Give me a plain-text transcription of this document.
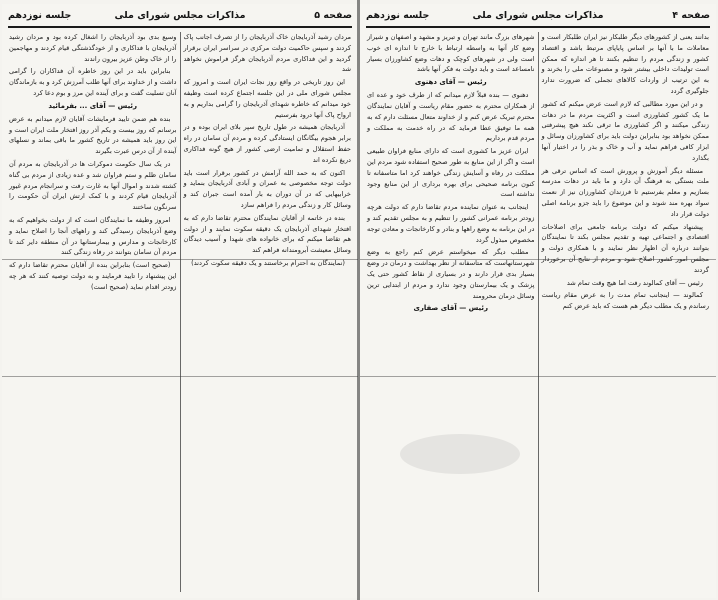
صفحه ۵
مذاکرات مجلس شورای ملی
جلسه نوزدهم

مردان رشید آذربایجان خاک آذربایجان را از تصرف اجانب پاک کردند و سپس حاکمیت دولت مرکزی در سراسر ایران برقرار گردید و این فداکاری مردم آذربایجان هرگز فراموش نخواهد شد

این روز تاریخی در واقع روز نجات ایران است و امروز که مجلس شورای ملی در این جلسه اجتماع کرده است وظیفه خود میدانم که خاطره شهدای آذربایجان را گرامی بداریم و به ارواح پاک آنها درود بفرستیم

آذربایجان همیشه در طول تاریخ سپر بلای ایران بوده و در برابر هجوم بیگانگان ایستادگی کرده و مردم آن سامان در راه حفظ استقلال و تمامیت ارضی کشور از هیچ گونه فداکاری دریغ نکرده اند

اکنون که به حمد الله آرامش در کشور برقرار است باید دولت توجه مخصوصی به عمران و آبادی آذربایجان بنماید و خرابیهایی که در آن دوران به بار آمده است جبران کند و وسائل کار و زندگی مردم را فراهم سازد

بنده در خاتمه از آقایان نمایندگان محترم تقاضا دارم که به افتخار شهدای آذربایجان یک دقیقه سکوت نمایند و از دولت هم تقاضا میکنم که برای خانواده های شهدا و آسیب دیدگان وسائل معیشت آبرومندانه فراهم کند

(نمایندگان به احترام برخاستند و یک دقیقه سکوت کردند)

وسیع بدی بود آذربایجان را اشغال کرده بود و مردان رشید آذربایجان با فداکاری و از خودگذشتگی قیام کردند و مهاجمین را از خاک وطن عزیز بیرون راندند

بنابراین باید در این روز خاطره آن فداکاران را گرامی داشت و از خداوند برای آنها طلب آمرزش کرد و به بازماندگان آنان تسلیت گفت و برای آینده این مرز و بوم دعا کرد

رئیس — آقای ... بفرمائید

بنده هم ضمن تایید فرمایشات آقایان لازم میدانم به عرض برسانم که روز بیست و یکم آذر روز افتخار ملت ایران است و این روز باید همیشه در تاریخ کشور ما باقی بماند و نسلهای آینده از آن درس عبرت بگیرند

در یک سال حکومت دموکرات ها در آذربایجان به مردم آن سامان ظلم و ستم فراوان شد و عده زیادی از مردم بی گناه کشته شدند و اموال آنها به غارت رفت و سرانجام مردم غیور آذربایجان قیام کردند و با کمک ارتش ایران آن حکومت را سرنگون ساختند

امروز وظیفه ما نمایندگان است که از دولت بخواهیم که به وضع آذربایجان رسیدگی کند و راههای آنجا را اصلاح نماید و کارخانجات و مدارس و بیمارستانها در آن منطقه دایر کند تا مردم آن سامان بتوانند در رفاه زندگی کنند

(صحیح است) بنابراین بنده از آقایان محترم تقاضا دارم که این پیشنهاد را تایید فرمایند و به دولت توصیه کنند که هر چه زودتر اقدام نماید (صحیح است)

صفحه ۴
مذاکرات مجلس شورای ملی
جلسه نوزدهم

بدانند یعنی از کشورهای دیگر طلبکار نیز ایران طلبکار است و معاملات ما با آنها بر اساس پایاپای مرتبط باشد و اقتصاد کشور و زندگی مردم را تنظیم بکنند تا هر اندازه که ممکن است تولیدات داخلی بیشتر شود و مصنوعات ملی را بخرند و به این ترتیب از واردات کالاهای تجملی که ضرورت ندارد جلوگیری گردد

و در این مورد مطالبی که لازم است عرض میکنم که کشور ما یک کشور کشاورزی است و اکثریت مردم ما در دهات زندگی میکنند و اگر کشاورزی ما ترقی نکند هیچ پیشرفتی ممکن نخواهد بود بنابراین دولت باید برای کشاورزان وسائل و ابزار کافی فراهم نماید و آب و خاک و بذر را در اختیار آنها بگذارد

مسئله دیگر آموزش و پرورش است که اساس ترقی هر ملت بستگی به فرهنگ آن دارد و ما باید در دهات مدرسه بسازیم و معلم بفرستیم تا فرزندان کشاورزان نیز از نعمت سواد بهره مند شوند و این موضوع را باید جزو برنامه اصلی دولت قرار داد

پیشنهاد میکنم که دولت برنامه جامعی برای اصلاحات اقتصادی و اجتماعی تهیه و تقدیم مجلس بکند تا نمایندگان بتوانند درباره آن اظهار نظر نمایند و با همکاری دولت و مجلس امور کشور اصلاح شود و مردم از نتایج آن برخوردار گردند

رئیس — آقای کمالوند رفت اما هیچ وقت تمام شد

کمالوند — اینجانب تمام مدت را به عرض مقام ریاست رساندم و یک مطلب دیگر هم هست که باید عرض کنم

شهرهای بزرگ مانند تهران و تبریز و مشهد و اصفهان و شیراز وضع کار آنها به واسطه ارتباط با خارج تا اندازه ای خوب است ولی در شهرهای کوچک و دهات وضع کشاورزان بسیار نامساعد است و باید دولت به فکر آنها باشد

رئیس — آقای دهنوی

دهنوی — بنده قبلاً لازم میدانم که از طرف خود و عده ای از همکاران محترم به حضور مقام ریاست و آقایان نمایندگان محترم تبریک عرض کنم و از خداوند متعال مسئلت دارم که به همه ما توفیق عطا فرماید که در راه خدمت به مملکت و مردم قدم برداریم

ایران عزیز ما کشوری است که دارای منابع فراوان طبیعی است و اگر از این منابع به طور صحیح استفاده شود مردم این مملکت در رفاه و آسایش زندگی خواهند کرد اما متاسفانه تا کنون برنامه صحیحی برای بهره برداری از این منابع وجود نداشته است

اینجانب به عنوان نماینده مردم تقاضا دارم که دولت هرچه زودتر برنامه عمرانی کشور را تنظیم و به مجلس تقدیم کند و در این برنامه به وضع راهها و بنادر و کارخانجات و معادن توجه مخصوص مبذول گردد

مطلب دیگر که میخواستم عرض کنم راجع به وضع شهرستانهاست که متاسفانه از نظر بهداشت و درمان در وضع بسیار بدی قرار دارند و در بسیاری از نقاط کشور حتی یک پزشک و یک بیمارستان وجود ندارد و مردم از ابتدایی ترین وسائل درمان محرومند

رئیس — آقای صفاری
